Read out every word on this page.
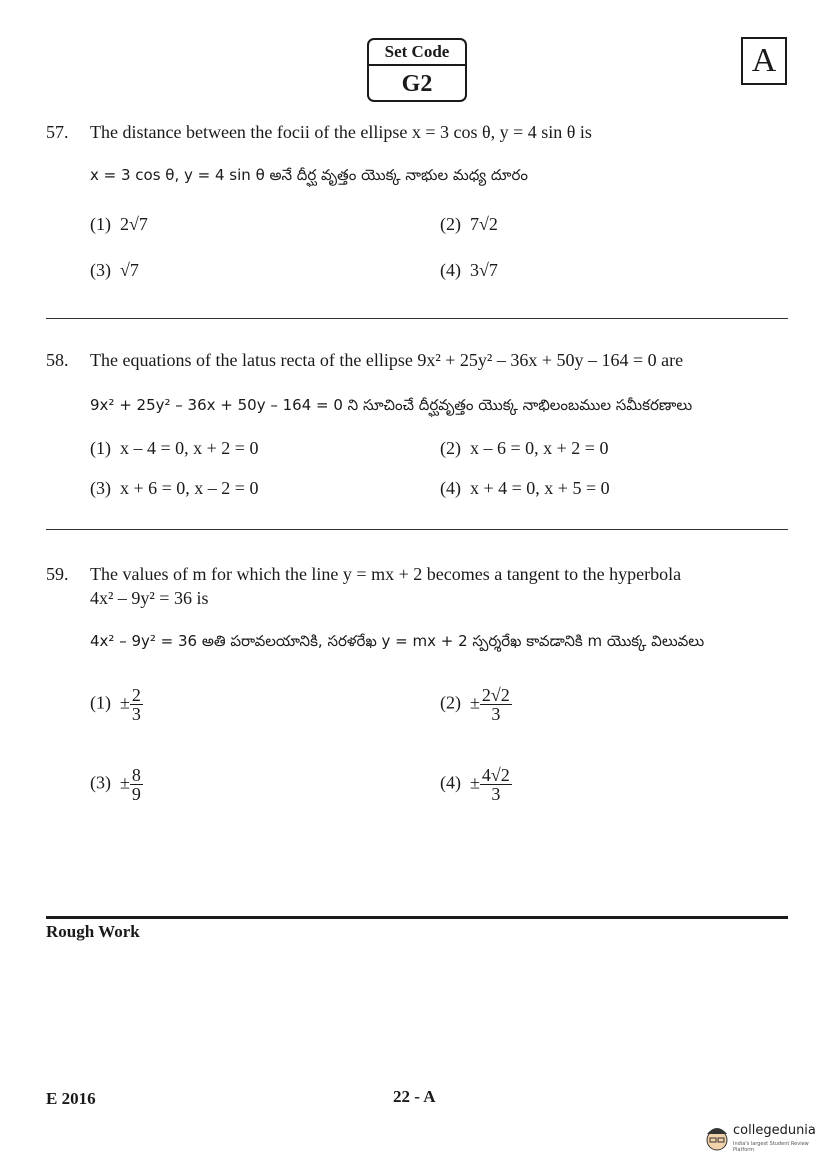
Set Code
G2
A
57. The distance between the focii of the ellipse x = 3 cos θ, y = 4 sin θ is
x = 3 cos θ, y = 4 sin θ అనే దీర్ఘ వృత్తం యొక్క నాభుల మధ్య దూరం
(1) 2√7	(2) 7√2
(3) √7	(4) 3√7
58. The equations of the latus recta of the ellipse 9x² + 25y² – 36x + 50y – 164 = 0 are
9x² + 25y² – 36x + 50y – 164 = 0 ని సూచించే దీర్ఘవృత్తం యొక్క నాభిలంబముల సమీకరణాలు
(1) x – 4 = 0, x + 2 = 0	(2) x – 6 = 0, x + 2 = 0
(3) x + 6 = 0, x – 2 = 0	(4) x + 4 = 0, x + 5 = 0
59. The values of m for which the line y = mx + 2 becomes a tangent to the hyperbola
4x² – 9y² = 36 is
4x² – 9y² = 36 అతి పరావలయానికి, సరళరేఖ y = mx + 2 స్పర్శరేఖ కావడానికి m యొక్క విలువలు
$(1) \pm \frac{2}{3}$	$(2) \pm \frac{2√2}{3}$
$(3) \pm \frac{8}{9}$	$(4) \pm \frac{4√2}{3}$
Rough Work
E 2016	22 - A
collegedunia
India's largest Student Review Platform
